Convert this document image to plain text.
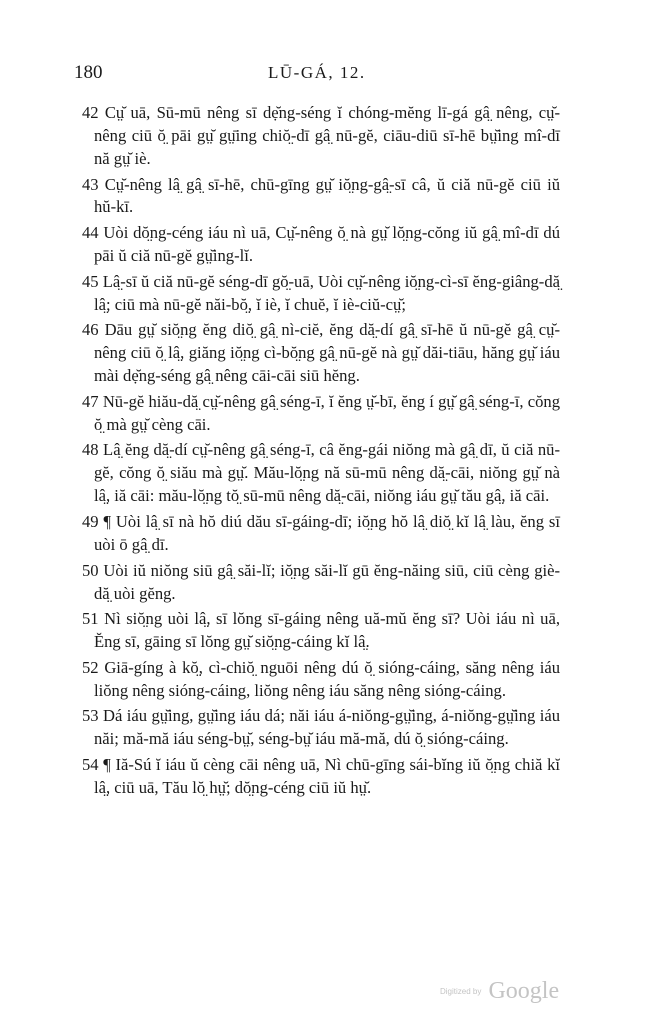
180	LŪ-GÁ, 12.

42 Cṳ̆ uā, Sū-mū nêng sī dẹ̆ng-séng ĭ chóng-mĕng lī-gá gâ̤ nêng, cṳ̆-nêng ciū ŏ̤ pāi gṳ̆ gṳ̄ing chiŏ̤-dī gâ̤ nū-gĕ, ciāu-diū sī-hē bṳ̆ing mî-dī nă gṳ̆ iè.

43 Cṳ̆-nêng lâ̤ gâ̤ sī-hē, chū-gīng gṳ̆ iŏ̤ng-gâ̤-sī câ, ŭ ciă nū-gĕ ciū iŭ hŭ-kī.

44 Uòi dŏ̤ng-céng iáu nì uā, Cṳ̆-nêng ŏ̤ nà gṳ̆ lŏ̤ng-cŏng iŭ gâ̤ mî-dī dú pāi ŭ ciă nū-gĕ gṳ̆ing-lĭ.

45 Lâ̤-sī ŭ ciă nū-gĕ séng-dī gŏ̤-uā, Uòi cṳ̆-nêng iŏ̤ng-cì-sī ĕng-giâng-dă̤ lâ̤; ciū mà nū-gĕ năi-bŏ̤, ĭ iè, ĭ chuĕ, ĭ iè-ciŭ-cṳ̆;

46 Dāu gṳ̆ siŏ̤ng ĕng diŏ̤ gâ̤ nì-ciĕ, ĕng dă̤-dí gâ̤ sī-hē ŭ nū-gĕ gâ̤ cṳ̆-nêng ciū ŏ̤ lâ̤, giăng iŏ̤ng cì-bŏ̤ng gâ̤ nū-gĕ nà gṳ̆ dăi-tiāu, hăng gṳ̆ iáu mài dẹ̆ng-séng gâ̤ nêng cāi-cāi siū hĕng.

47 Nū-gĕ hiău-dă̤ cṳ̆-nêng gâ̤ séng-ī, ĭ ĕng ṳ̆-bī, ĕng í gṳ̆ gâ̤ séng-ī, cŏng ŏ̤ mà gṳ̆ cèng cāi.

48 Lâ̤ ĕng dă̤-dí cṳ̆-nêng gâ̤ séng-ī, câ ĕng-gái niŏng mà gâ̤ dī, ŭ ciă nū-gĕ, cŏng ŏ̤ siău mà gṳ̆. Mău-lŏ̤ng nă sū-mū nêng dă̤-cāi, niŏng gṳ̆ nà lâ̤, iă cāi: mău-lŏ̤ng tŏ̤ sū-mū nêng dă̤-cāi, niŏng iáu gṳ̆ tău gâ̤, iă cāi.

49 ¶ Uòi lâ̤ sī nà hŏ diú dău sī-gáing-dī; iŏ̤ng hŏ lâ̤ diŏ̤ kĭ lâ̤ làu, ĕng sī uòi ō gâ̤ dī.

50 Uòi iŭ niŏng siū gâ̤ săi-lĭ; iŏ̤ng săi-lĭ gū ĕng-năing siū, ciū cèng giè-dă̤ uòi gĕng.

51 Nì siŏ̤ng uòi lâ̤, sī lŏng sī-gáing nêng uă-mŭ ĕng sī? Uòi iáu nì uā, Ĕng sī, gāing sī lŏng gṳ̆ siŏ̤ng-cáing kĭ lâ̤.

52 Giā-gíng à kŏ̤, cì-chiŏ̤ nguōi nêng dú ŏ̤ sióng-cáing, săng nêng iáu liŏng nêng sióng-cáing, liŏng nêng iáu săng nêng sióng-cáing.

53 Dá iáu gṳ̆ing, gṳ̆ing iáu dá; năi iáu á-niŏng-gṳ̆ing, á-niŏng-gṳ̆ing iáu năi; mă-mă iáu séng-bṳ̆, séng-bṳ̆ iáu mă-mă, dú ŏ̤ sióng-cáing.

54 ¶ Iă-Sú ĭ iáu ŭ cèng cāi nêng uā, Nì chū-gīng sái-bĭng iŭ ŏ̤ng chiă kĭ lâ̤, ciū uā, Tău lŏ̤ hṳ̆; dŏ̤ng-céng ciū iŭ hṳ̆.

Digitized by Google
